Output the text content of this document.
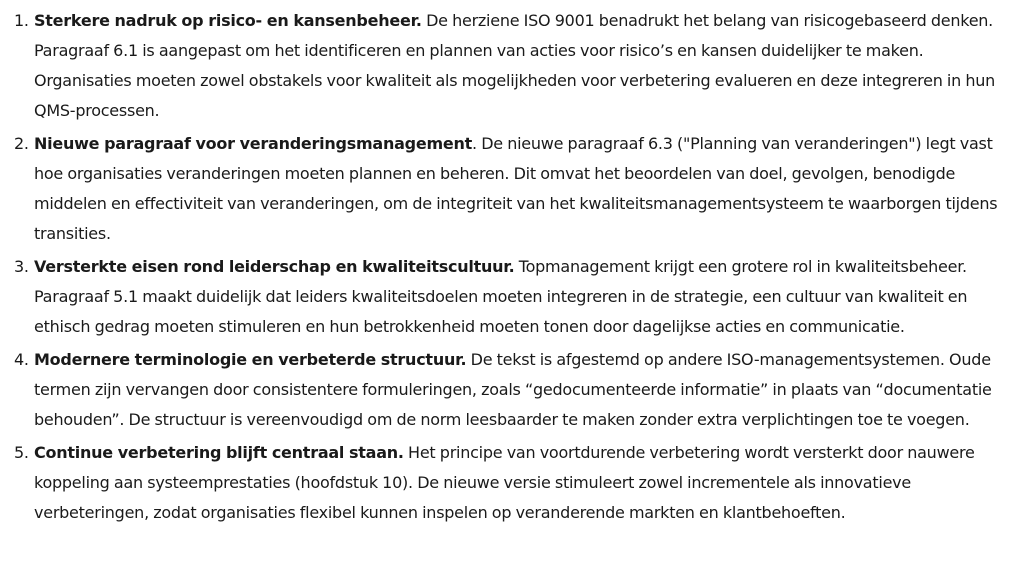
1. Sterkere nadruk op risico- en kansenbeheer. De herziene ISO 9001 benadrukt het belang van risicogebaseerd denken. Paragraaf 6.1 is aangepast om het identificeren en plannen van acties voor risico’s en kansen duidelijker te maken. Organisaties moeten zowel obstakels voor kwaliteit als mogelijkheden voor verbetering evalueren en deze integreren in hun QMS-processen.
2. Nieuwe paragraaf voor veranderingsmanagement. De nieuwe paragraaf 6.3 ("Planning van veranderingen") legt vast hoe organisaties veranderingen moeten plannen en beheren. Dit omvat het beoordelen van doel, gevolgen, benodigde middelen en effectiviteit van veranderingen, om de integriteit van het kwaliteitsmanagementsysteem te waarborgen tijdens transities.
3. Versterkte eisen rond leiderschap en kwaliteitscultuur. Topmanagement krijgt een grotere rol in kwaliteitsbeheer. Paragraaf 5.1 maakt duidelijk dat leiders kwaliteitsdoelen moeten integreren in de strategie, een cultuur van kwaliteit en ethisch gedrag moeten stimuleren en hun betrokkenheid moeten tonen door dagelijkse acties en communicatie.
4. Modernere terminologie en verbeterde structuur. De tekst is afgestemd op andere ISO-managementsystemen. Oude termen zijn vervangen door consistentere formuleringen, zoals “gedocumenteerde informatie” in plaats van “documentatie behouden”. De structuur is vereenvoudigd om de norm leesbaarder te maken zonder extra verplichtingen toe te voegen.
5. Continue verbetering blijft centraal staan. Het principe van voortdurende verbetering wordt versterkt door nauwere koppeling aan systeemprestaties (hoofdstuk 10). De nieuwe versie stimuleert zowel incrementele als innovatieve verbeteringen, zodat organisaties flexibel kunnen inspelen op veranderende markten en klantbehoeften.
